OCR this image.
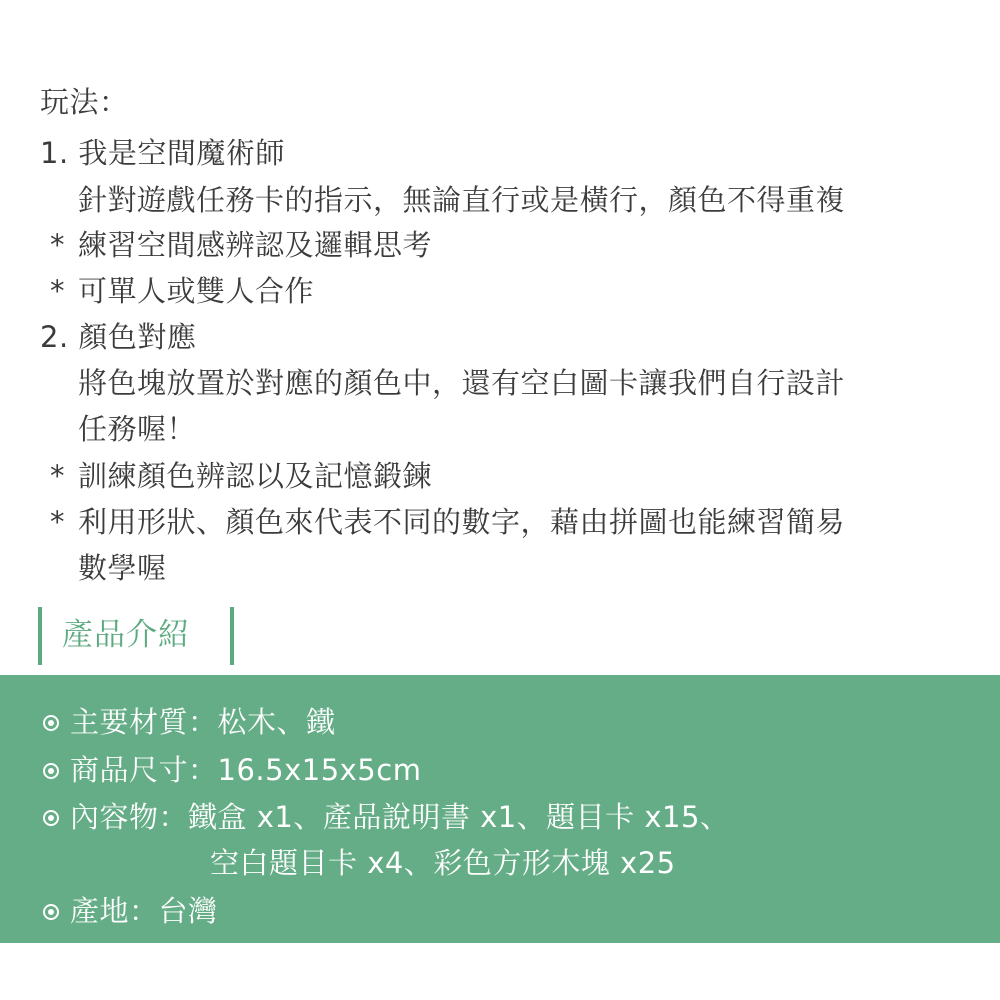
玩法：
1. 我是空間魔術師
針對遊戲任務卡的指示，無論直行或是橫行，顏色不得重複
* 練習空間感辨認及邏輯思考
* 可單人或雙人合作
2. 顏色對應
將色塊放置於對應的顏色中，還有空白圖卡讓我們自行設計
任務喔！
* 訓練顏色辨認以及記憶鍛鍊
* 利用形狀、顏色來代表不同的數字，藉由拼圖也能練習簡易
數學喔
產品介紹
主要材質：松木、鐵
商品尺寸：16.5x15x5cm
內容物：鐵盒 x1、產品說明書 x1、題目卡 x15、
空白題目卡 x4、彩色方形木塊 x25
產地：台灣
